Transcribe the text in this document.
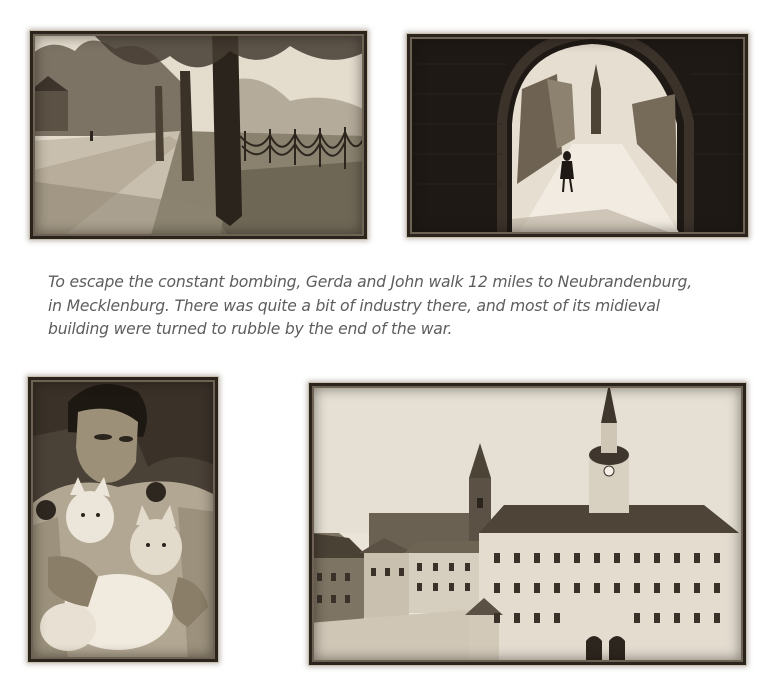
To escape the constant bombing, Gerda and John walk 12 miles to Neubrandenburg,
in Mecklenburg. There was quite a bit of industry there, and most of its midieval
building were turned to rubble by the end of the war.
